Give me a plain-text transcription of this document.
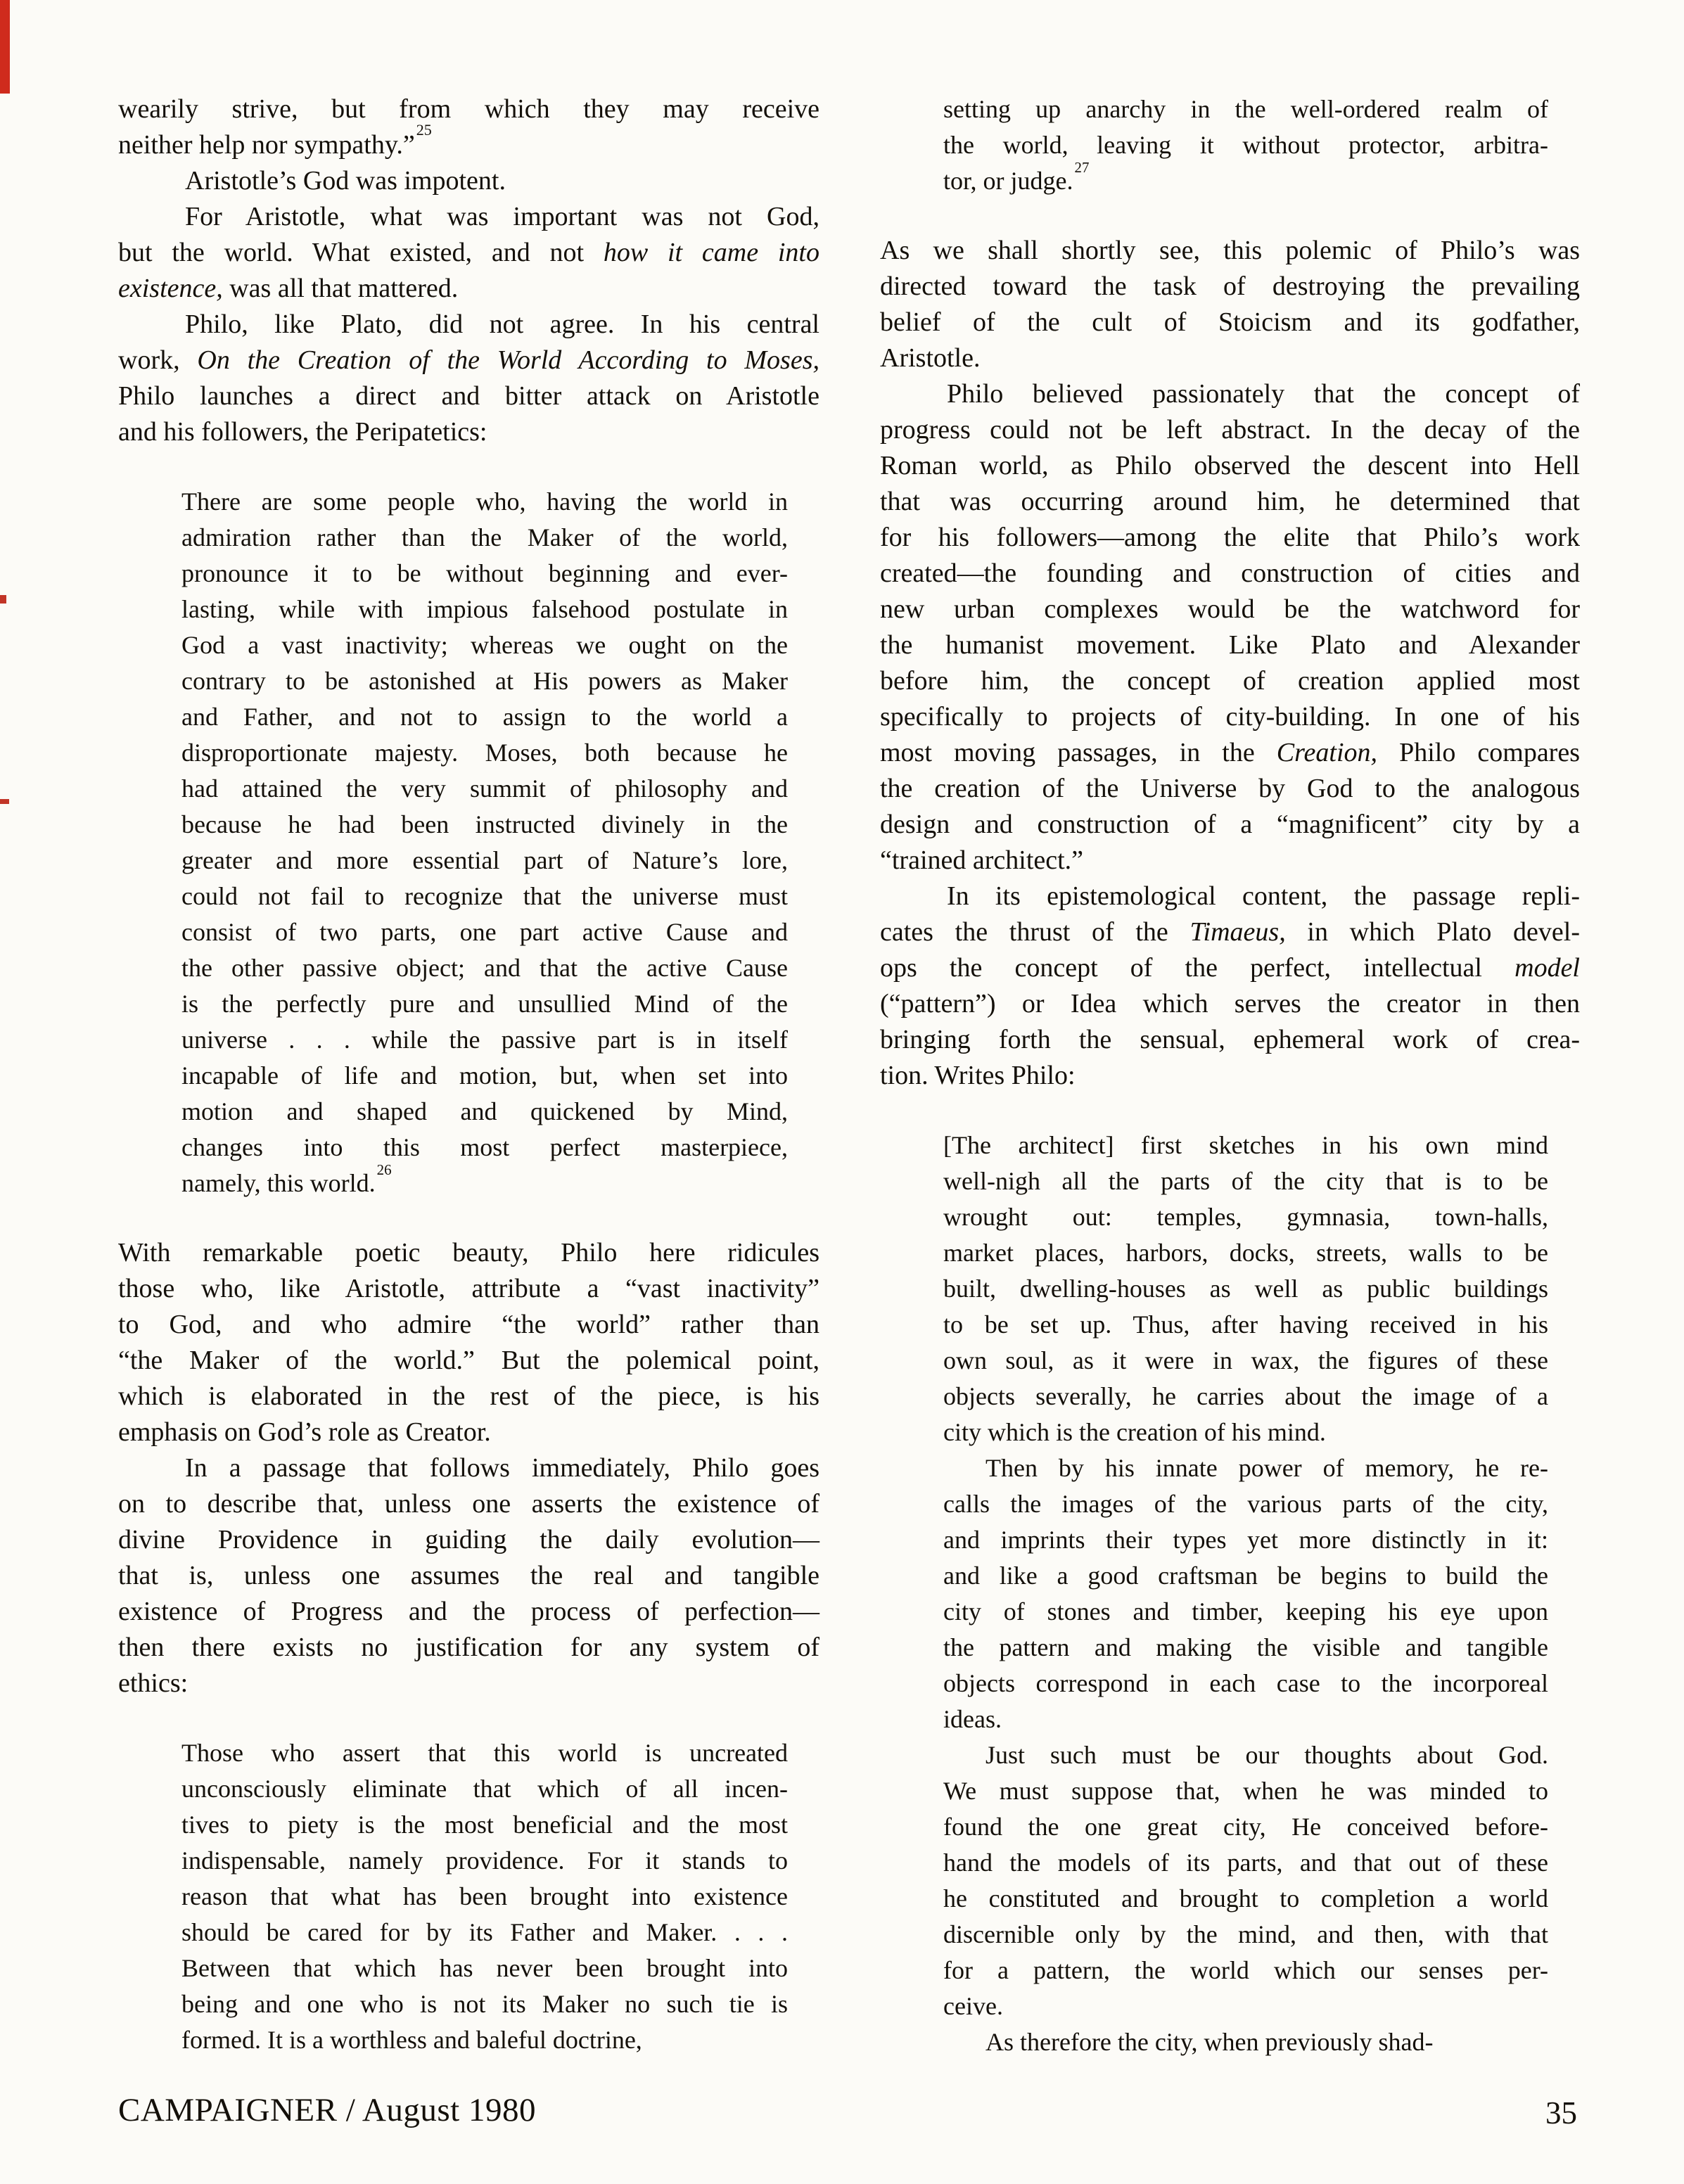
wearily strive, but from which they may receive
neither help nor sympathy.”$^{25}$
Aristotle’s God was impotent.
For Aristotle, what was important was not God,
but the world. What existed, and not how it came into
existence, was all that mattered.
Philo, like Plato, did not agree. In his central
work, On the Creation of the World According to Moses,
Philo launches a direct and bitter attack on Aristotle
and his followers, the Peripatetics:
There are some people who, having the world in
admiration rather than the Maker of the world,
pronounce it to be without beginning and ever-
lasting, while with impious falsehood postulate in
God a vast inactivity; whereas we ought on the
contrary to be astonished at His powers as Maker
and Father, and not to assign to the world a
disproportionate majesty. Moses, both because he
had attained the very summit of philosophy and
because he had been instructed divinely in the
greater and more essential part of Nature’s lore,
could not fail to recognize that the universe must
consist of two parts, one part active Cause and
the other passive object; and that the active Cause
is the perfectly pure and unsullied Mind of the
universe . . . while the passive part is in itself
incapable of life and motion, but, when set into
motion and shaped and quickened by Mind,
changes into this most perfect masterpiece,
namely, this world.$^{26}$
With remarkable poetic beauty, Philo here ridicules
those who, like Aristotle, attribute a “vast inactivity”
to God, and who admire “the world” rather than
“the Maker of the world.” But the polemical point,
which is elaborated in the rest of the piece, is his
emphasis on God’s role as Creator.
In a passage that follows immediately, Philo goes
on to describe that, unless one asserts the existence of
divine Providence in guiding the daily evolution—
that is, unless one assumes the real and tangible
existence of Progress and the process of perfection—
then there exists no justification for any system of
ethics:
Those who assert that this world is uncreated
unconsciously eliminate that which of all incen-
tives to piety is the most beneficial and the most
indispensable, namely providence. For it stands to
reason that what has been brought into existence
should be cared for by its Father and Maker. . . .
Between that which has never been brought into
being and one who is not its Maker no such tie is
formed. It is a worthless and baleful doctrine,
setting up anarchy in the well-ordered realm of
the world, leaving it without protector, arbitra-
tor, or judge.$^{27}$
As we shall shortly see, this polemic of Philo’s was
directed toward the task of destroying the prevailing
belief of the cult of Stoicism and its godfather,
Aristotle.
Philo believed passionately that the concept of
progress could not be left abstract. In the decay of the
Roman world, as Philo observed the descent into Hell
that was occurring around him, he determined that
for his followers—among the elite that Philo’s work
created—the founding and construction of cities and
new urban complexes would be the watchword for
the humanist movement. Like Plato and Alexander
before him, the concept of creation applied most
specifically to projects of city-building. In one of his
most moving passages, in the Creation, Philo compares
the creation of the Universe by God to the analogous
design and construction of a “magnificent” city by a
“trained architect.”
In its epistemological content, the passage repli-
cates the thrust of the Timaeus, in which Plato devel-
ops the concept of the perfect, intellectual model
(“pattern”) or Idea which serves the creator in then
bringing forth the sensual, ephemeral work of crea-
tion. Writes Philo:
[The architect] first sketches in his own mind
well-nigh all the parts of the city that is to be
wrought out: temples, gymnasia, town-halls,
market places, harbors, docks, streets, walls to be
built, dwelling-houses as well as public buildings
to be set up. Thus, after having received in his
own soul, as it were in wax, the figures of these
objects severally, he carries about the image of a
city which is the creation of his mind.
Then by his innate power of memory, he re-
calls the images of the various parts of the city,
and imprints their types yet more distinctly in it:
and like a good craftsman be begins to build the
city of stones and timber, keeping his eye upon
the pattern and making the visible and tangible
objects correspond in each case to the incorporeal
ideas.
Just such must be our thoughts about God.
We must suppose that, when he was minded to
found the one great city, He conceived before-
hand the models of its parts, and that out of these
he constituted and brought to completion a world
discernible only by the mind, and then, with that
for a pattern, the world which our senses per-
ceive.
As therefore the city, when previously shad-
CAMPAIGNER / August 1980	35
